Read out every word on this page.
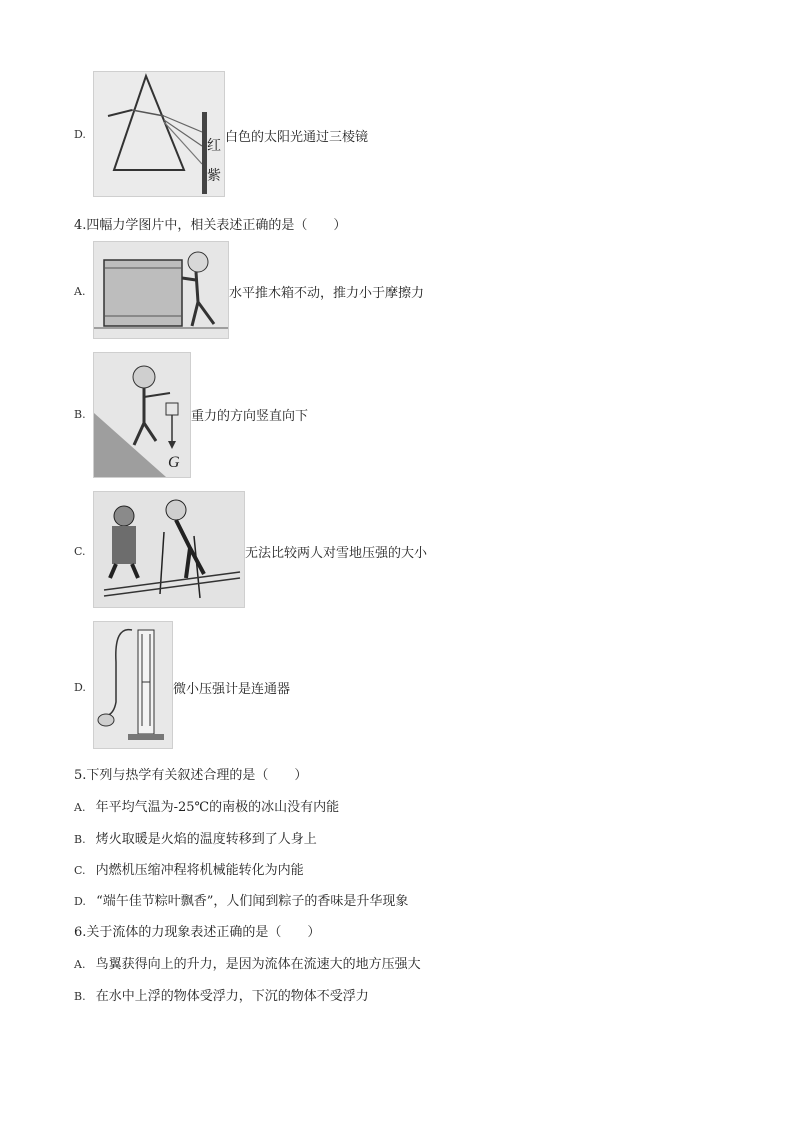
D.
红
紫
白色的太阳光通过三棱镜
4.四幅力学图片中，相关表述正确的是（　　）
A.	水平推木箱不动，推力小于摩擦力
B.
G
重力的方向竖直向下
C.	无法比较两人对雪地压强的大小
D.	微小压强计是连通器
5.下列与热学有关叙述合理的是（　　）
A. 年平均气温为-25℃的南极的冰山没有内能
B. 烤火取暖是火焰的温度转移到了人身上
C. 内燃机压缩冲程将机械能转化为内能
D. “端午佳节粽叶飘香”，人们闻到粽子的香味是升华现象
6.关于流体的力现象表述正确的是（　　）
A. 鸟翼获得向上的升力，是因为流体在流速大的地方压强大
B. 在水中上浮的物体受浮力，下沉的物体不受浮力
